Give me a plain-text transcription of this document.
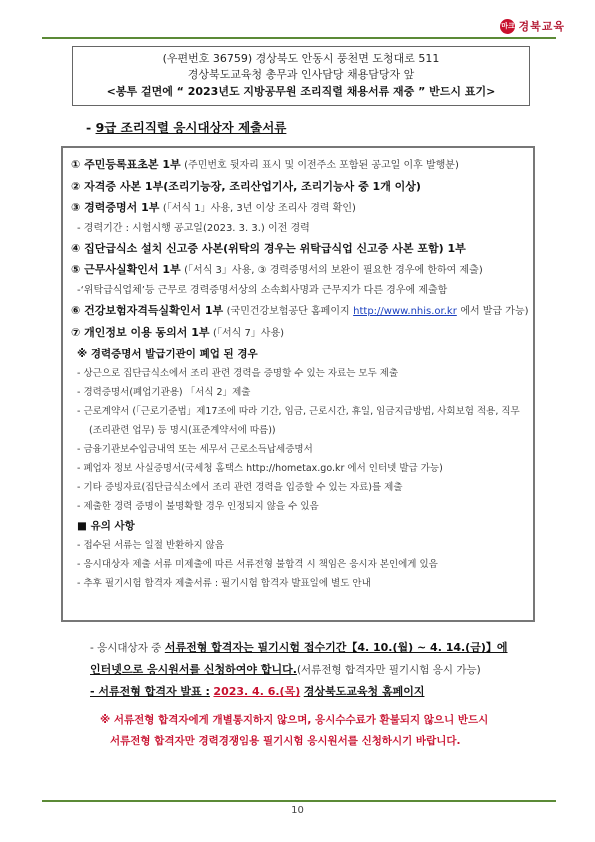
마크 경북교육
(우편번호 36759) 경상북도 안동시 풍천면 도청대로 511
경상북도교육청 총무과 인사담당 채용담당자 앞
<봉투 겉면에 “ 2023년도 지방공무원 조리직렬 채용서류 재중 ” 반드시 표기>
- 9급 조리직렬 응시대상자 제출서류
① 주민등록표초본 1부 (주민번호 뒷자리 표시 및 이전주소 포함된 공고일 이후 발행분)
② 자격증 사본 1부(조리기능장, 조리산업기사, 조리기능사 중 1개 이상)
③ 경력증명서 1부 (「서식 1」사용, 3년 이상 조리사 경력 확인)
- 경력기간 : 시험시행 공고일(2023. 3. 3.) 이전 경력
④ 집단급식소 설치 신고증 사본(위탁의 경우는 위탁급식업 신고증 사본 포함) 1부
⑤ 근무사실확인서 1부 (「서식 3」사용, ③ 경력증명서의 보완이 필요한 경우에 한하여 제출)
-‘위탁급식업체’등 근무로 경력증명서상의 소속회사명과 근무지가 다른 경우에 제출함
⑥ 건강보험자격득실확인서 1부 (국민건강보험공단 홈페이지 http://www.nhis.or.kr 에서 발급 가능)
⑦ 개인정보 이용 동의서 1부 (「서식 7」사용)
※ 경력증명서 발급기관이 폐업 된 경우
- 상근으로 집단급식소에서 조리 관련 경력을 증명할 수 있는 자료는 모두 제출
- 경력증명서(폐업기관용) 「서식 2」제출
- 근로계약서 (「근로기준법」제17조에 따라 기간, 임금, 근로시간, 휴일, 임금지급방법, 사회보험 적용, 직무
(조리관련 업무) 등 명시(표준계약서에 따름))
- 금융기관보수입금내역 또는 세무서 근로소득납세증명서
- 폐업자 정보 사실증명서(국세청 홈택스 http://hometax.go.kr 에서 인터넷 발급 가능)
- 기타 증빙자료(집단급식소에서 조리 관련 경력을 입증할 수 있는 자료)를 제출
- 제출한 경력 증명이 불명확할 경우 인정되지 않을 수 있음
■ 유의 사항
- 접수된 서류는 일절 반환하지 않음
- 응시대상자 제출 서류 미제출에 따른 서류전형 불합격 시 책임은 응시자 본인에게 있음
- 추후 필기시험 합격자 제출서류 : 필기시험 합격자 발표일에 별도 안내
- 응시대상자 중 서류전형 합격자는 필기시험 접수기간【4. 10.(월) ~ 4. 14.(금)】에
인터넷으로 응시원서를 신청하여야 합니다.(서류전형 합격자만 필기시험 응시 가능)
- 서류전형 합격자 발표 : 2023. 4. 6.(목) 경상북도교육청 홈페이지
※ 서류전형 합격자에게 개별통지하지 않으며, 응시수수료가 환불되지 않으니 반드시
서류전형 합격자만 경력경쟁임용 필기시험 응시원서를 신청하시기 바랍니다.
10
